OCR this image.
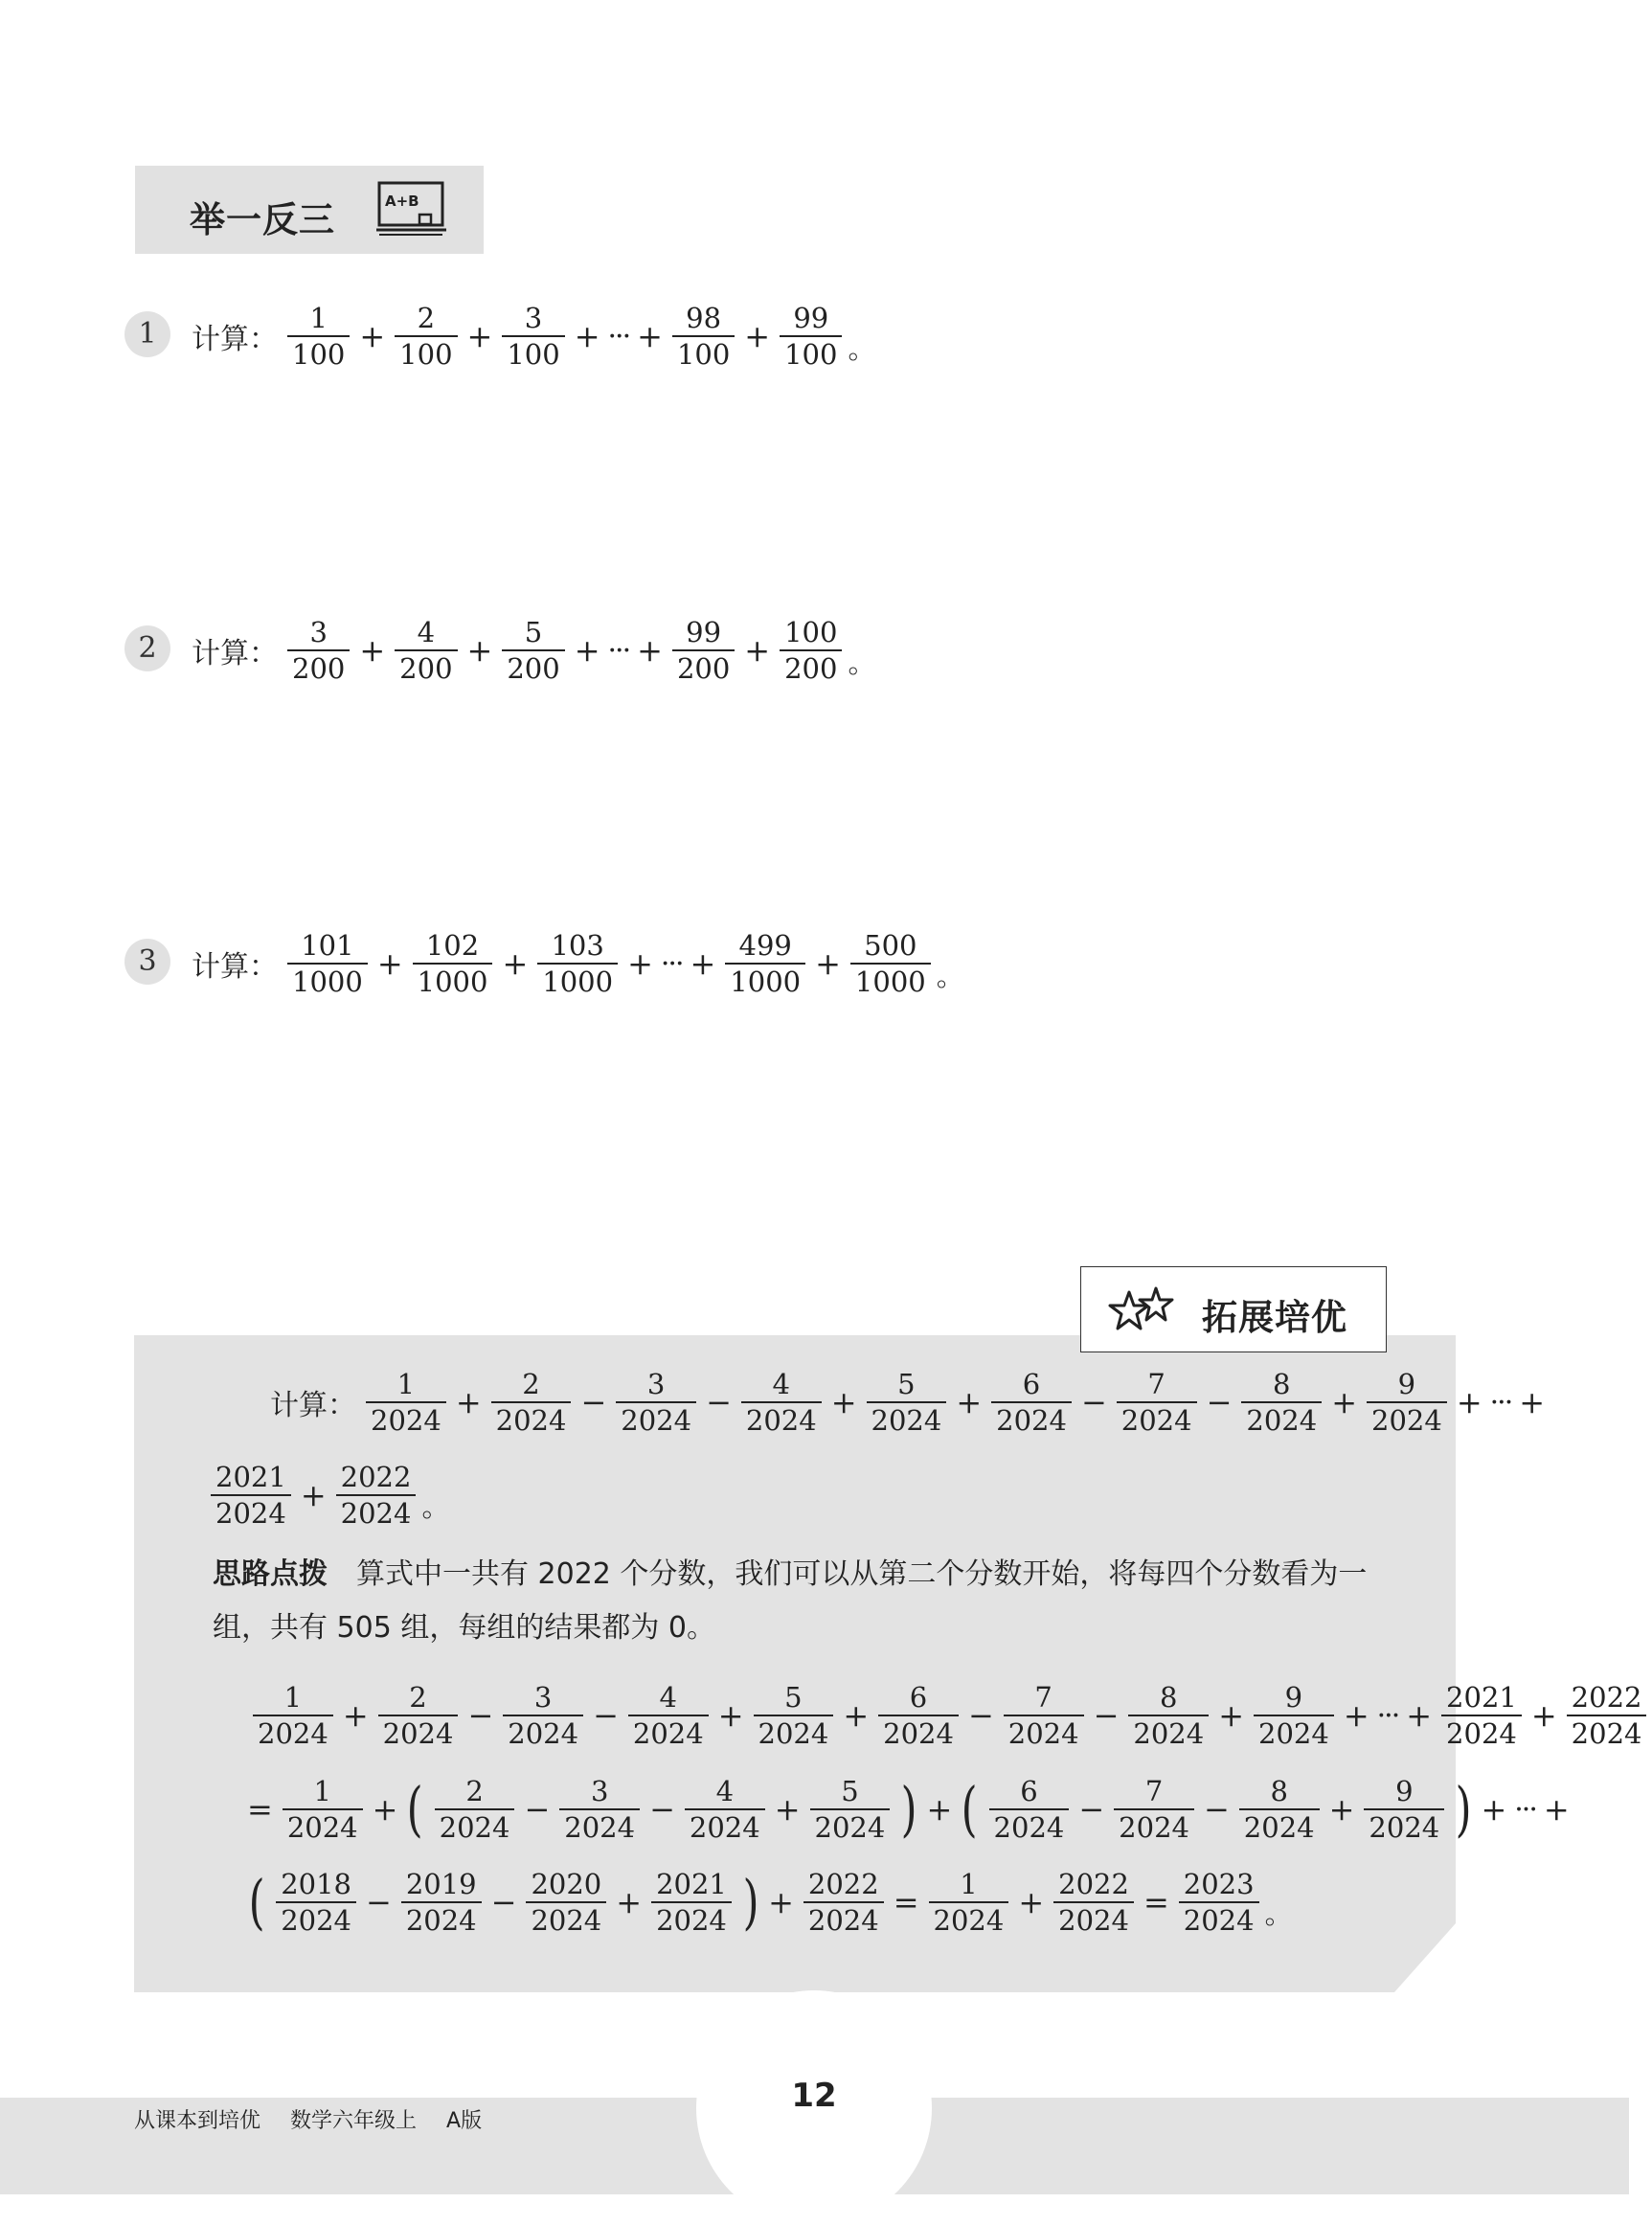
举一反三	A+B
1	计算： $\frac{1}{100} + \frac{2}{100} + \frac{3}{100}$ + ··· + $\frac{98}{100} + \frac{99}{100}$ 。
2	计算： $\frac{3}{200} + \frac{4}{200} + \frac{5}{200}$ + ··· + $\frac{99}{200} + \frac{100}{200}$ 。
3	计算： $\frac{101}{1000} + \frac{102}{1000} + \frac{103}{1000}$ + ··· + $\frac{499}{1000} + \frac{500}{1000}$ 。
拓展培优
计算： $\frac{1}{2024} + \frac{2}{2024} - \frac{3}{2024} - \frac{4}{2024} + \frac{5}{2024} + \frac{6}{2024} - \frac{7}{2024} - \frac{8}{2024} + \frac{9}{2024}$ + ··· +
$\frac{2021}{2024} + \frac{2022}{2024}$ 。
思路点拨 算式中一共有 2022 个分数，我们可以从第二个分数开始，将每四个分数看为一组，共有 505 组，每组的结果都为 0。
$\frac{1}{2024} + \frac{2}{2024} - \frac{3}{2024} - \frac{4}{2024} + \frac{5}{2024} + \frac{6}{2024} - \frac{7}{2024} - \frac{8}{2024} + \frac{9}{2024}$ + ··· + $\frac{2021}{2024} + \frac{2022}{2024}$
= $\frac{1}{2024}$ + ( $\frac{2}{2024} - \frac{3}{2024} - \frac{4}{2024} + \frac{5}{2024}$ ) + ( $\frac{6}{2024} - \frac{7}{2024} - \frac{8}{2024} + \frac{9}{2024}$ ) + ··· +
( $\frac{2018}{2024} - \frac{2019}{2024} - \frac{2020}{2024} + \frac{2021}{2024}$ ) + $\frac{2022}{2024} = \frac{1}{2024} + \frac{2022}{2024} = \frac{2023}{2024}$ 。
从课本到培优 数学六年级上 A版
12
